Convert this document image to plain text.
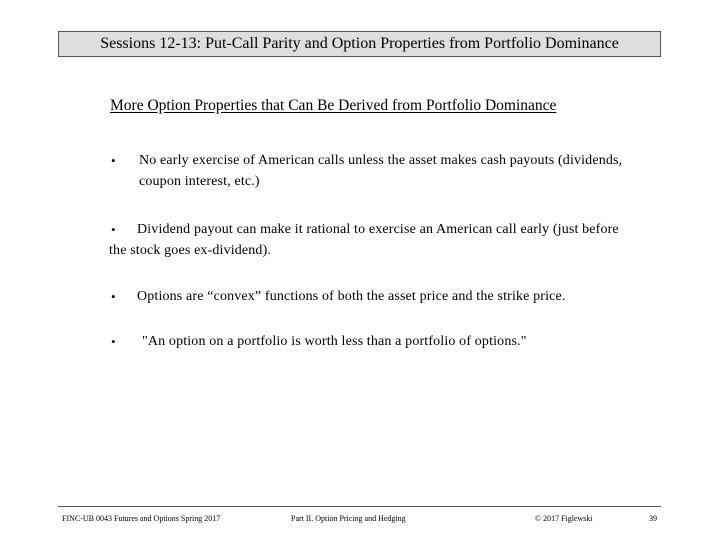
Sessions 12-13: Put-Call Parity and Option Properties from Portfolio Dominance
More Option Properties that Can Be Derived from Portfolio Dominance
•	No early exercise of American calls unless the asset makes cash payouts (dividends, coupon interest, etc.)
•	Dividend payout can make it rational to exercise an American call early (just before the stock goes ex-dividend).
•	Options are “convex” functions of both the asset price and the strike price.
•	"An option on a portfolio is worth less than a portfolio of options."
FINC-UB 0043 Futures and Options Spring 2017	Part II. Option Pricing and Hedging	© 2017 Figlewski	39
